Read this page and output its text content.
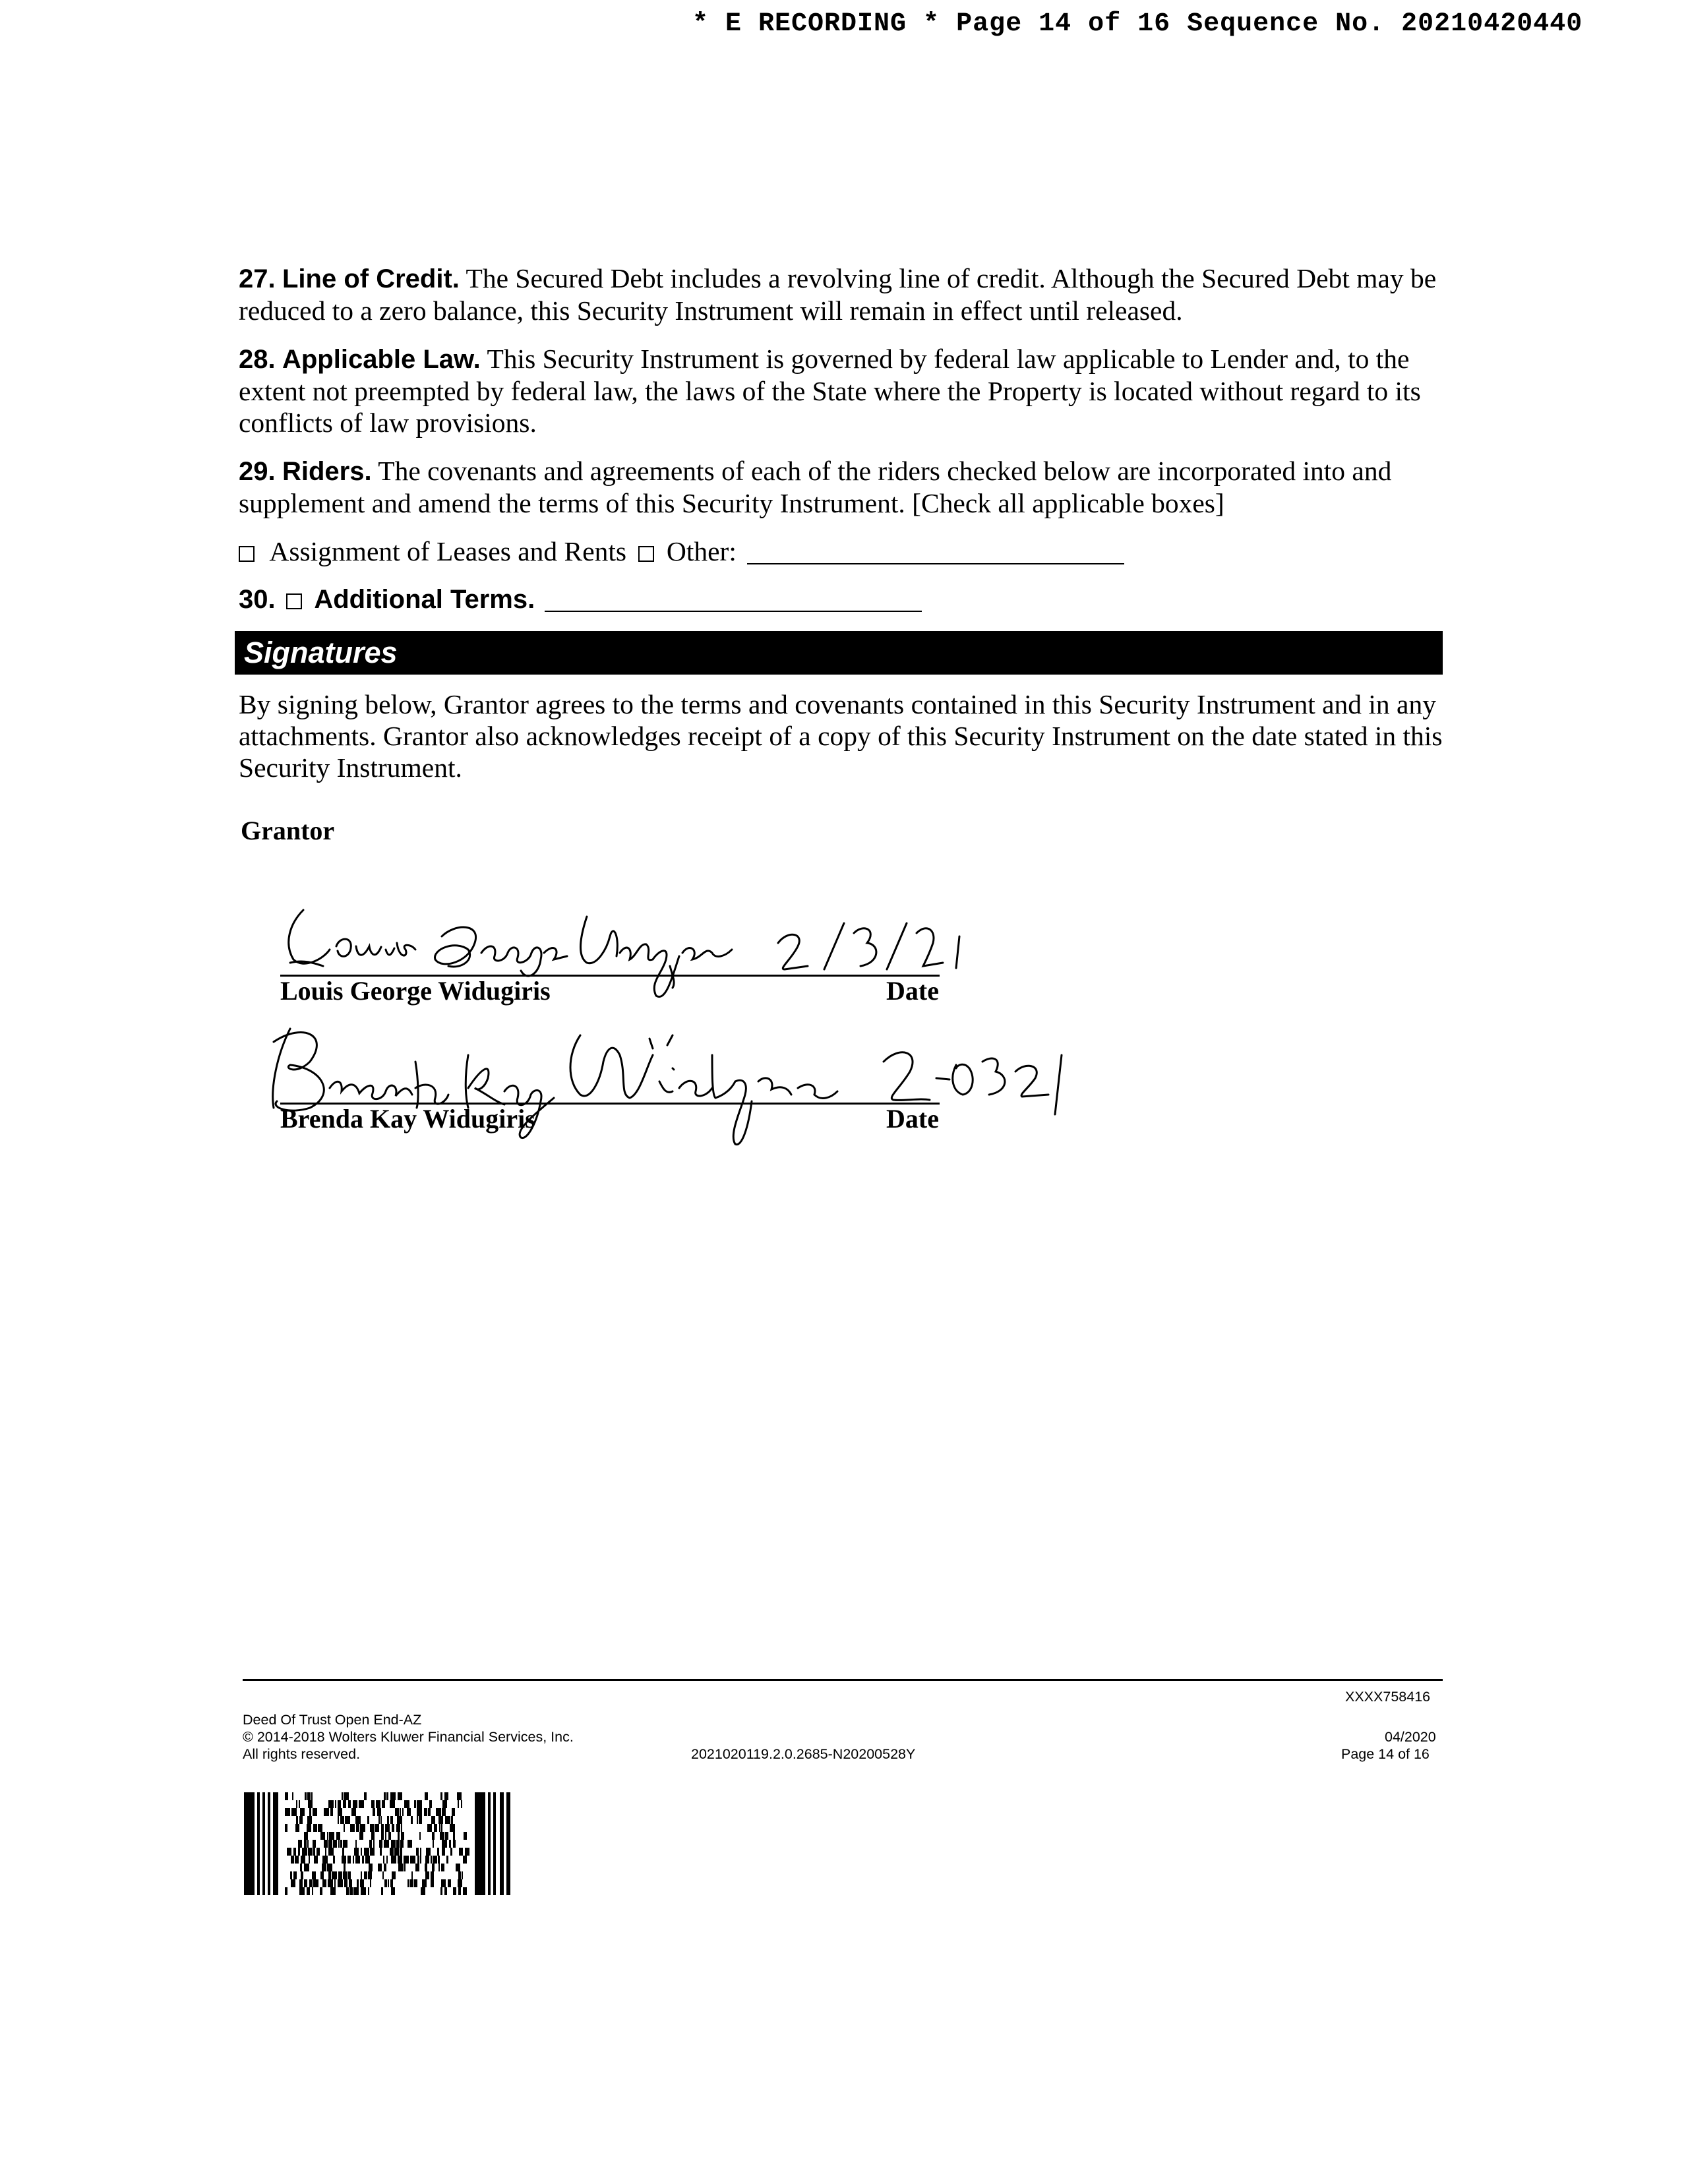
* E RECORDING * Page 14 of 16 Sequence No. 20210420440
27. Line of Credit. The Secured Debt includes a revolving line of credit. Although the Secured Debt may be reduced to a zero balance, this Security Instrument will remain in effect until released.
28. Applicable Law. This Security Instrument is governed by federal law applicable to Lender and, to the extent not preempted by federal law, the laws of the State where the Property is located without regard to its conflicts of law provisions.
29. Riders. The covenants and agreements of each of the riders checked below are incorporated into and supplement and amend the terms of this Security Instrument. [Check all applicable boxes]
Assignment of Leases and Rents Other:
30. Additional Terms.
Signatures
By signing below, Grantor agrees to the terms and covenants contained in this Security Instrument and in any attachments. Grantor also acknowledges receipt of a copy of this Security Instrument on the date stated in this Security Instrument.
Grantor
Louis George Widugiris	Date
Brenda Kay Widugiris	Date
XXXX758416
Deed Of Trust Open End-AZ
© 2014-2018 Wolters Kluwer Financial Services, Inc.
All rights reserved.	2021020119.2.0.2685-N20200528Y
04/2020
Page 14 of 16
